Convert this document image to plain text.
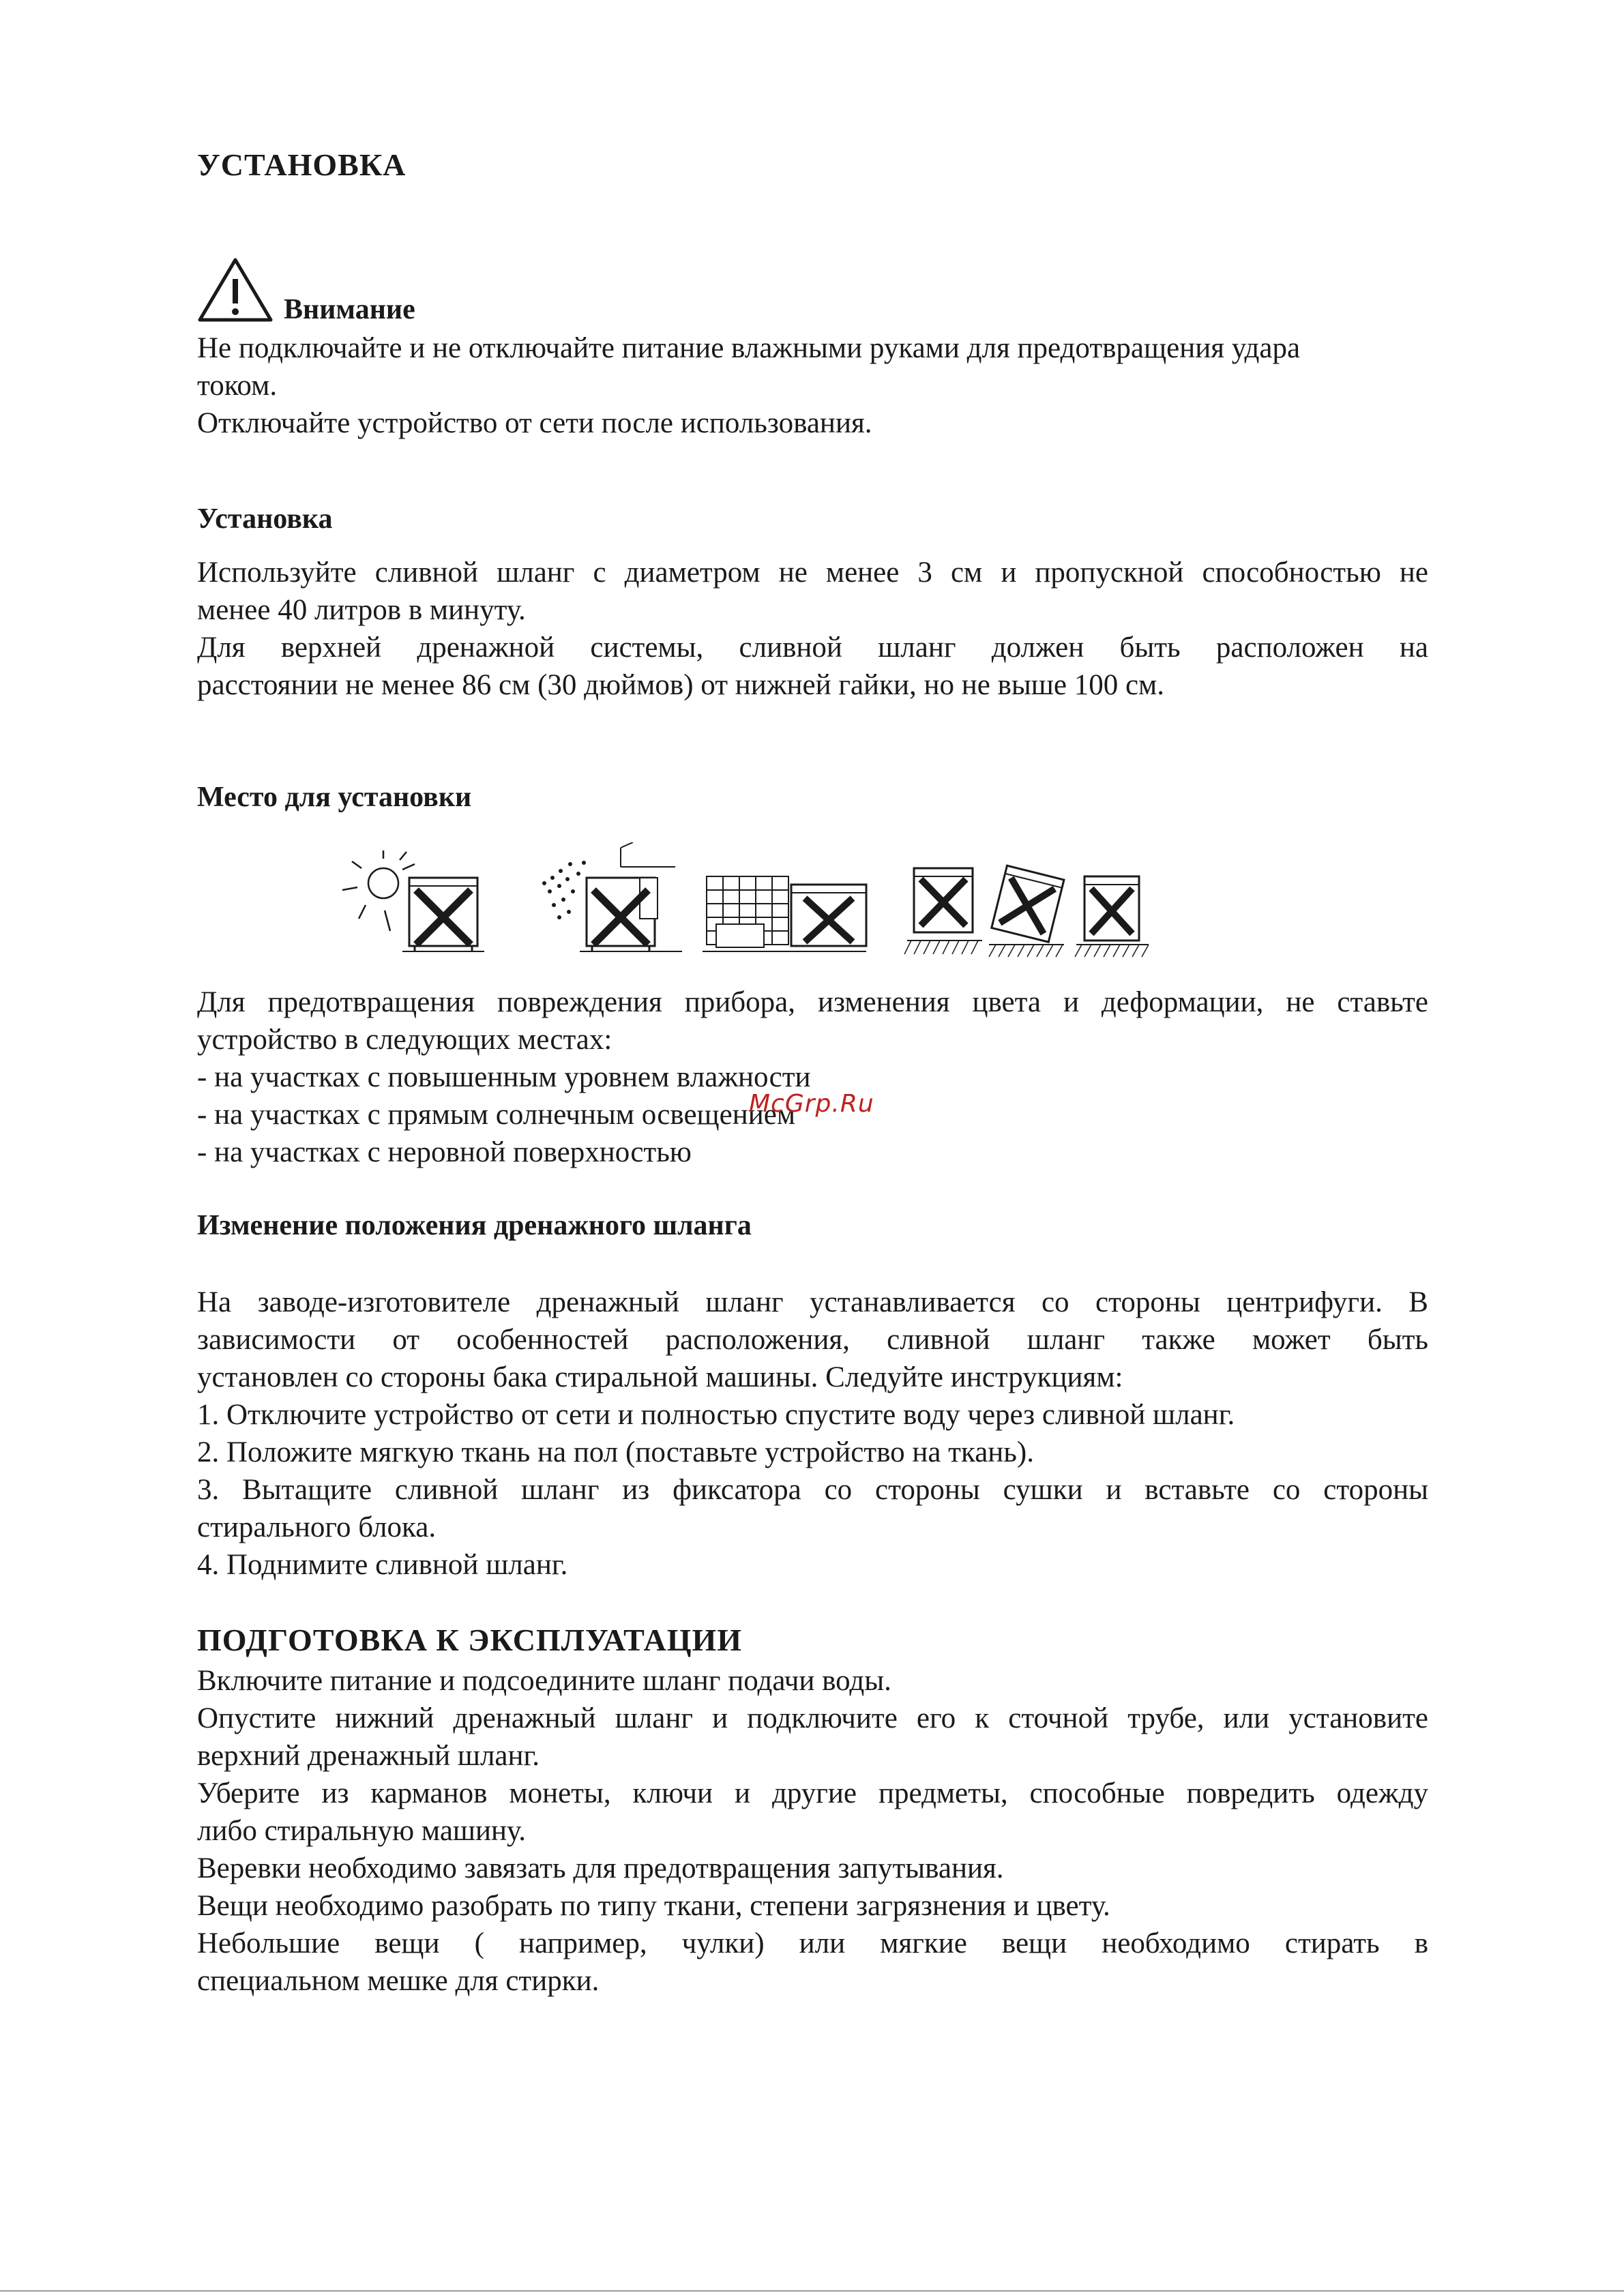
УСТАНОВКА
Внимание
Не подключайте и не отключайте питание влажными руками для предотвращения удара
током.
Отключайте устройство от сети после использования.
Установка
Используйте сливной шланг с диаметром не менее 3 см и пропускной способностью не
менее 40 литров в минуту.
Для верхней дренажной системы, сливной шланг должен быть расположен на
расстоянии не менее 86 см (30 дюймов) от нижней гайки, но не выше 100 см.
Место для установки
Для предотвращения повреждения прибора, изменения цвета и деформации, не ставьте
устройство в следующих местах:
- на участках с повышенным уровнем влажности
- на участках с прямым солнечным освещением
- на участках с неровной поверхностью
McGrp.Ru
Изменение положения дренажного шланга
На заводе-изготовителе дренажный шланг устанавливается со стороны центрифуги. В
зависимости от особенностей расположения, сливной шланг также может быть
установлен со стороны бака стиральной машины. Следуйте инструкциям:
1. Отключите устройство от сети и полностью спустите воду через сливной шланг.
2. Положите мягкую ткань на пол (поставьте устройство на ткань).
3. Вытащите сливной шланг из фиксатора со стороны сушки и вставьте со стороны
стирального блока.
4. Поднимите сливной шланг.
ПОДГОТОВКА К ЭКСПЛУАТАЦИИ
Включите питание и подсоедините шланг подачи воды.
Опустите нижний дренажный шланг и подключите его к сточной трубе, или установите
верхний дренажный шланг.
Уберите из карманов монеты, ключи и другие предметы, способные повредить одежду
либо стиральную машину.
Веревки необходимо завязать для предотвращения запутывания.
Вещи необходимо разобрать по типу ткани, степени загрязнения и цвету.
Небольшие вещи ( например, чулки) или мягкие вещи необходимо стирать в
специальном мешке для стирки.
